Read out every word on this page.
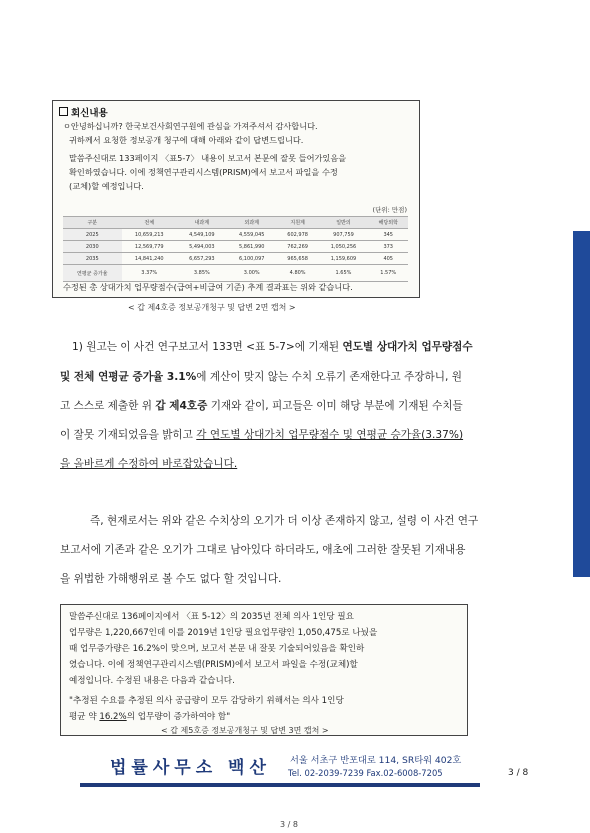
회신내용
ㅇ안녕하십니까? 한국보건사회연구원에 관심을 가져주셔서 감사합니다.
귀하께서 요청한 정보공개 청구에 대해 아래와 같이 답변드립니다.
말씀주신대로 133페이지 〈표5-7〉 내용이 보고서 본문에 잘못 들어가있음을
확인하였습니다. 이에 정책연구관리시스템(PRISM)에서 보고서 파일을 수정
(교체)할 예정입니다.
(단위: 만점)
구분	전체	내과계	외과계	지원계	일반의	해당외학
2025	10,659,213	4,549,109	4,559,045	602,978	907,759	345
2030	12,569,779	5,494,003	5,861,990	762,269	1,050,256	373
2035	14,841,240	6,657,293	6,100,097	965,658	1,159,609	405
연평균 증가율	3.37%	3.85%	3.00%	4.80%	1.65%	1.57%
수정된 총 상대가치 업무량점수(급여+비급여 기준) 추계 결과표는 위와 같습니다.
< 갑 제4호증 정보공개청구 및 답변 2면 캡처 >
1) 원고는 이 사건 연구보고서 133면 <표 5-7>에 기재된 연도별 상대가치 업무량점수
및 전체 연평균 증가율 3.1%에 계산이 맞지 않는 수치 오류기 존재한다고 주장하니, 원
고 스스로 제출한 위 갑 제4호증 기재와 같이, 피고들은 이미 해당 부분에 기재된 수치들
이 잘못 기재되었음을 밝히고 각 연도별 상대가치 업무량점수 및 연평균 승가율(3.37%)
을 올바르게 수정하여 바로잡았습니다.
즉, 현재로서는 위와 같은 수치상의 오기가 더 이상 존재하지 않고, 설령 이 사건 연구
보고서에 기존과 같은 오기가 그대로 남아있다 하더라도, 애초에 그러한 잘못된 기재내용
을 위법한 가해행위로 볼 수도 없다 할 것입니다.
말씀주신대로 136페이지에서 〈표 5-12〉의 2035년 전체 의사 1인당 필요
업무량은 1,220,667인데 이를 2019년 1인당 필요업무량인 1,050,475로 나눴을
때 업무증가량은 16.2%이 맞으며, 보고서 본문 내 잘못 기술되어있음을 확인하
였습니다. 이에 정책연구관리시스템(PRISM)에서 보고서 파일을 수정(교체)할
예정입니다. 수정된 내용은 다음과 같습니다.
"추정된 수요를 추정된 의사 공급량이 모두 감당하기 위해서는 의사 1인당
평균 약 16.2%의 업무량이 증가하여야 함"
< 갑 제5호증 정보공개청구 및 답변 3면 캡처 >
법률사무소 백산 서울 서초구 반포대로 114, SR타워 402호
Tel. 02-2039-7239 Fax.02-6008-7205	3 / 8
3 / 8
